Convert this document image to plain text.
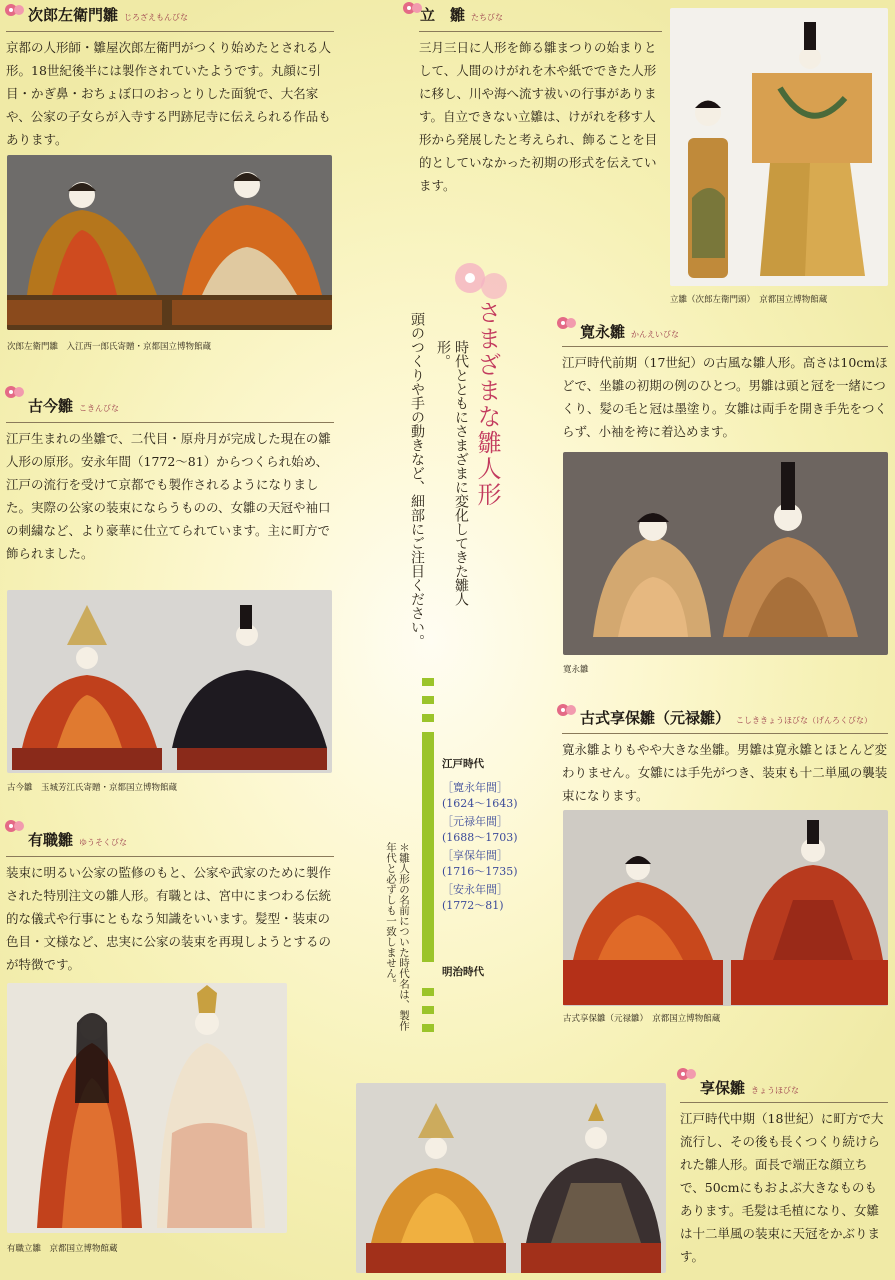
次郎左衛門雛 じろざえもんびな
京都の人形師・雛屋次郎左衛門がつくり始めたとされる人形。18世紀後半には製作されていたようです。丸顔に引目・かぎ鼻・おちょぼ口のおっとりした面貌で、大名家や、公家の子女らが入寺する門跡尼寺に伝えられる作品もあります。
次郎左衛門雛　入江西一郎氏寄贈・京都国立博物館蔵
古今雛 こきんびな
江戸生まれの坐雛で、二代目・原舟月が完成した現在の雛人形の原形。安永年間（1772～81）からつくられ始め、江戸の流行を受けて京都でも製作されるようになりました。実際の公家の装束にならうものの、女雛の天冠や袖口の刺繍など、より豪華に仕立てられています。主に町方で飾られました。
古今雛　玉城芳江氏寄贈・京都国立博物館蔵
有職雛 ゆうそくびな
装束に明るい公家の監修のもと、公家や武家のために製作された特別注文の雛人形。有職とは、宮中にまつわる伝統的な儀式や行事にともなう知識をいいます。髪型・装束の色目・文様など、忠実に公家の装束を再現しようとするのが特徴です。
有職立雛　京都国立博物館蔵
立　雛 たちびな
三月三日に人形を飾る雛まつりの始まりとして、人間のけがれを木や紙でできた人形に移し、川や海へ流す祓いの行事があります。自立できない立雛は、けがれを移す人形から発展したと考えられ、飾ることを目的としていなかった初期の形式を伝えています。
立雛（次郎左衛門頭）　京都国立博物館蔵
さまざまな雛人形
時代とともにさまざまに変化してきた雛人形。
頭のつくりや手の動きなど、細部にご注目ください。
江戸時代
［寛永年間］
(1624～1643)
［元禄年間］
(1688～1703)
［享保年間］
(1716～1735)
［安永年間］
(1772～81)
明治時代
＊雛人形の名前についた時代名は、製作年代と必ずしも一致しません。
寛永雛 かんえいびな
江戸時代前期（17世紀）の古風な雛人形。高さは10cmほどで、坐雛の初期の例のひとつ。男雛は頭と冠を一緒につくり、髪の毛と冠は墨塗り。女雛は両手を開き手先をつくらず、小袖を袴に着込めます。
寛永雛
古式享保雛（元禄雛） こしききょうほびな（げんろくびな）
寛永雛よりもやや大きな坐雛。男雛は寛永雛とほとんど変わりません。女雛には手先がつき、装束も十二単風の襲装束になります。
古式享保雛（元禄雛）　京都国立博物館蔵
享保雛 きょうほびな
江戸時代中期（18世紀）に町方で大流行し、その後も長くつくり続けられた雛人形。面長で端正な顔立ちで、50cmにもおよぶ大きなものもあります。毛髪は毛植になり、女雛は十二単風の装束に天冠をかぶります。
